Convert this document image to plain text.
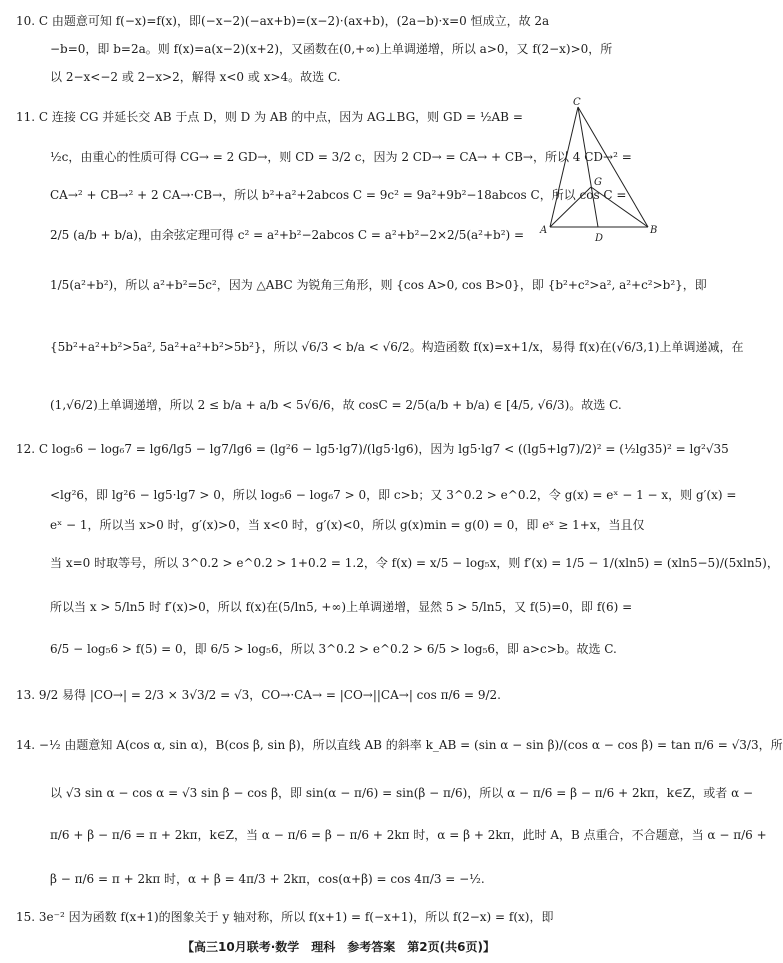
10. C 由题意可知 f(−x)=f(x)，即(−x−2)(−ax+b)=(x−2)·(ax+b)，(2a−b)·x=0 恒成立，故 2a
−b=0，即 b=2a。则 f(x)=a(x−2)(x+2)，又函数在(0,+∞)上单调递增，所以 a>0，又 f(2−x)>0，所
以 2−x<−2 或 2−x>2，解得 x<0 或 x>4。故选 C.
11. C 连接 CG 并延长交 AB 于点 D，则 D 为 AB 的中点，因为 AG⊥BG，则 GD = ½AB =
½c，由重心的性质可得 CG→ = 2 GD→，则 CD = 3/2 c，因为 2 CD→ = CA→ + CB→，所以 4 CD→² =
CA→² + CB→² + 2 CA→·CB→，所以 b²+a²+2abcos C = 9c² = 9a²+9b²−18abcos C，所以 cos C =
2/5 (a/b + b/a)，由余弦定理可得 c² = a²+b²−2abcos C = a²+b²−2×2/5(a²+b²) =
1/5(a²+b²)，所以 a²+b²=5c²，因为 △ABC 为锐角三角形，则 {cos A>0, cos B>0}，即 {b²+c²>a², a²+c²>b²}，即
{5b²+a²+b²>5a², 5a²+a²+b²>5b²}，所以 √6/3 < b/a < √6/2。构造函数 f(x)=x+1/x，易得 f(x)在(√6/3,1)上单调递减，在
(1,√6/2)上单调递增，所以 2 ≤ b/a + a/b < 5√6/6，故 cosC = 2/5(a/b + b/a) ∈ [4/5, √6/3)。故选 C.
12. C log₅6 − log₆7 = lg6/lg5 − lg7/lg6 = (lg²6 − lg5·lg7)/(lg5·lg6)，因为 lg5·lg7 < ((lg5+lg7)/2)² = (½lg35)² = lg²√35
<lg²6，即 lg²6 − lg5·lg7 > 0，所以 log₅6 − log₆7 > 0，即 c>b；又 3^0.2 > e^0.2，令 g(x) = eˣ − 1 − x，则 g′(x) =
eˣ − 1，所以当 x>0 时，g′(x)>0，当 x<0 时，g′(x)<0，所以 g(x)min = g(0) = 0，即 eˣ ≥ 1+x，当且仅
当 x=0 时取等号，所以 3^0.2 > e^0.2 > 1+0.2 = 1.2，令 f(x) = x/5 − log₅x，则 f′(x) = 1/5 − 1/(xln5) = (xln5−5)/(5xln5)，
所以当 x > 5/ln5 时 f′(x)>0，所以 f(x)在(5/ln5, +∞)上单调递增，显然 5 > 5/ln5，又 f(5)=0，即 f(6) =
6/5 − log₅6 > f(5) = 0，即 6/5 > log₅6，所以 3^0.2 > e^0.2 > 6/5 > log₅6，即 a>c>b。故选 C.
13. 9/2 易得 |CO→| = 2/3 × 3√3/2 = √3，CO→·CA→ = |CO→||CA→| cos π/6 = 9/2.
14. −½ 由题意知 A(cos α, sin α)，B(cos β, sin β)，所以直线 AB 的斜率 k_AB = (sin α − sin β)/(cos α − cos β) = tan π/6 = √3/3，所
以 √3 sin α − cos α = √3 sin β − cos β，即 sin(α − π/6) = sin(β − π/6)，所以 α − π/6 = β − π/6 + 2kπ，k∈Z，或者 α −
π/6 + β − π/6 = π + 2kπ，k∈Z，当 α − π/6 = β − π/6 + 2kπ 时，α = β + 2kπ，此时 A，B 点重合，不合题意，当 α − π/6 +
β − π/6 = π + 2kπ 时，α + β = 4π/3 + 2kπ，cos(α+β) = cos 4π/3 = −½.
15. 3e⁻² 因为函数 f(x+1)的图象关于 y 轴对称，所以 f(x+1) = f(−x+1)，所以 f(2−x) = f(x)，即
C
A	B
D
G
【高三10月联考·数学　理科　参考答案　第2页(共6页)】
